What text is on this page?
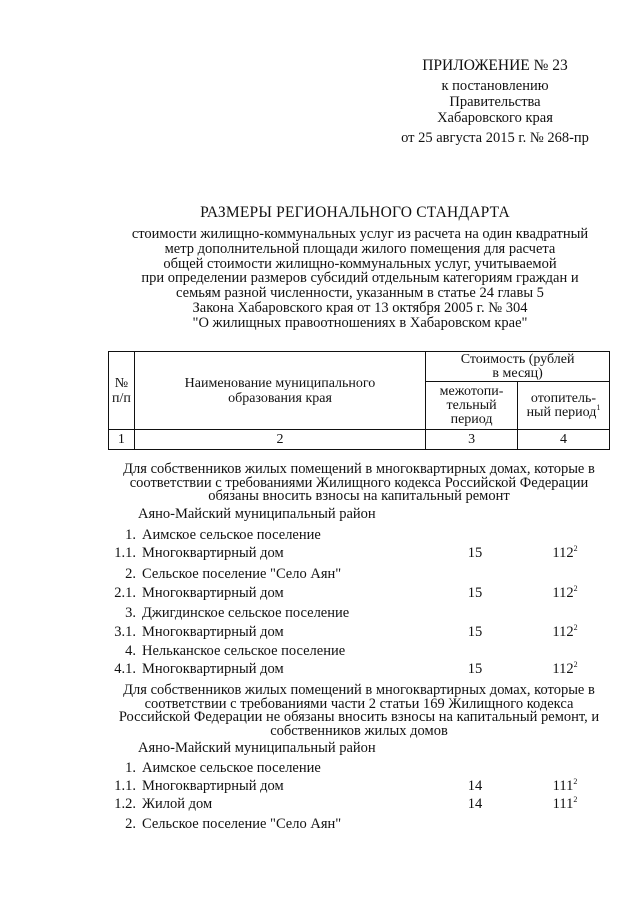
ПРИЛОЖЕНИЕ № 23
к постановлению
Правительства
Хабаровского края
от 25 августа 2015 г. № 268-пр
РАЗМЕРЫ РЕГИОНАЛЬНОГО СТАНДАРТА
стоимости жилищно-коммунальных услуг из расчета на один квадратный
метр дополнительной площади жилого помещения для расчета
общей стоимости жилищно-коммунальных услуг, учитываемой
при определении размеров субсидий отдельным категориям граждан и
семьям разной численности, указанным в статье 24 главы 5
Закона Хабаровского края от 13 октября 2005 г. № 304
"О жилищных правоотношениях в Хабаровском крае"
№ п/п	Наименование муниципального образования края	Стоимость (рублей в месяц)	
		межотопи-тельный период	отопитель-ный период$^1$
1	2	3	4
Для собственников жилых помещений в многоквартирных домах, которые в соответствии с требованиями Жилищного кодекса Российской Федерации обязаны вносить взносы на капитальный ремонт
Аяно-Майский муниципальный район
1. Аимское сельское поселение
1.1. Многоквартирный дом	15	$112^2$
2. Сельское поселение "Село Аян"
2.1. Многоквартирный дом	15	$112^2$
3. Джигдинское сельское поселение
3.1. Многоквартирный дом	15	$112^2$
4. Нельканское сельское поселение
4.1. Многоквартирный дом	15	$112^2$
Для собственников жилых помещений в многоквартирных домах, которые в соответствии с требованиями части 2 статьи 169 Жилищного кодекса Российской Федерации не обязаны вносить взносы на капитальный ремонт, и собственников жилых домов
Аяно-Майский муниципальный район
1. Аимское сельское поселение
1.1. Многоквартирный дом	14	$111^2$
1.2. Жилой дом	14	$111^2$
2. Сельское поселение "Село Аян"
